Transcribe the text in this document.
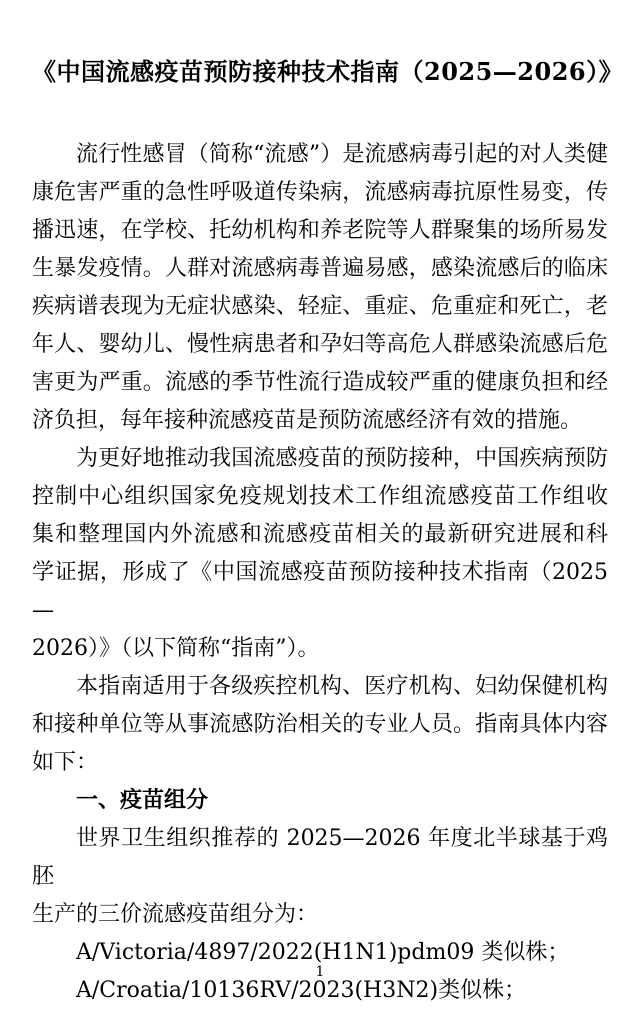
《中国流感疫苗预防接种技术指南（2025—2026）》
流行性感冒（简称“流感”）是流感病毒引起的对人类健
康危害严重的急性呼吸道传染病，流感病毒抗原性易变，传
播迅速，在学校、托幼机构和养老院等人群聚集的场所易发
生暴发疫情。人群对流感病毒普遍易感，感染流感后的临床
疾病谱表现为无症状感染、轻症、重症、危重症和死亡，老
年人、婴幼儿、慢性病患者和孕妇等高危人群感染流感后危
害更为严重。流感的季节性流行造成较严重的健康负担和经
济负担，每年接种流感疫苗是预防流感经济有效的措施。
为更好地推动我国流感疫苗的预防接种，中国疾病预防
控制中心组织国家免疫规划技术工作组流感疫苗工作组收
集和整理国内外流感和流感疫苗相关的最新研究进展和科
学证据，形成了《中国流感疫苗预防接种技术指南（2025—
2026）》（以下简称“指南”）。
本指南适用于各级疾控机构、医疗机构、妇幼保健机构
和接种单位等从事流感防治相关的专业人员。指南具体内容
如下：
一、疫苗组分
世界卫生组织推荐的 2025—2026 年度北半球基于鸡胚
生产的三价流感疫苗组分为：
A/Victoria/4897/2022(H1N1)pdm09 类似株；
A/Croatia/10136RV/2023(H3N2)类似株；
1
